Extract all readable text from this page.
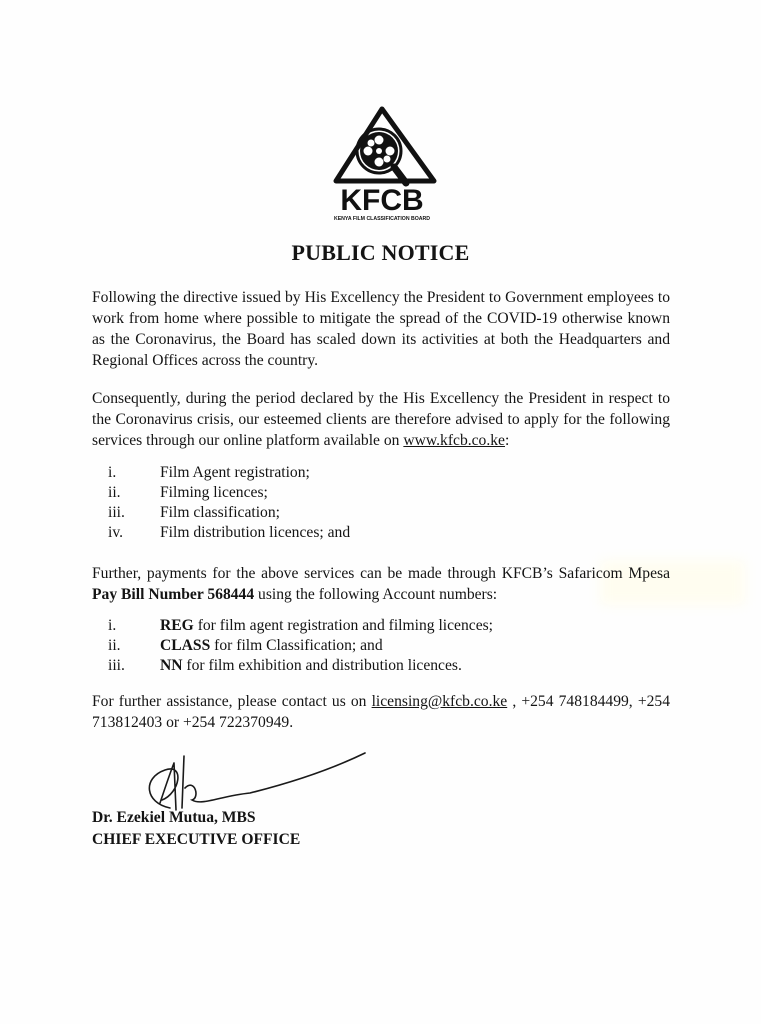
KFCB
KENYA FILM CLASSIFICATION BOARD
PUBLIC NOTICE

Following the directive issued by His Excellency the President to Government employees to work from home where possible to mitigate the spread of the COVID-19 otherwise known as the Coronavirus, the Board has scaled down its activities at both the Headquarters and Regional Offices across the country.

Consequently, during the period declared by the His Excellency the President in respect to the Coronavirus crisis, our esteemed clients are therefore advised to apply for the following services through our online platform available on www.kfcb.co.ke:

i.	Film Agent registration;
ii.	Filming licences;
iii.	Film classification;
iv.	Film distribution licences; and

Further, payments for the above services can be made through KFCB’s Safaricom Mpesa Pay Bill Number 568444 using the following Account numbers:

i.	REG for film agent registration and filming licences;
ii.	CLASS for film Classification; and
iii.	NN for film exhibition and distribution licences.

For further assistance, please contact us on licensing@kfcb.co.ke , +254 748184499, +254 713812403 or +254 722370949.

Dr. Ezekiel Mutua, MBS
CHIEF EXECUTIVE OFFICE
